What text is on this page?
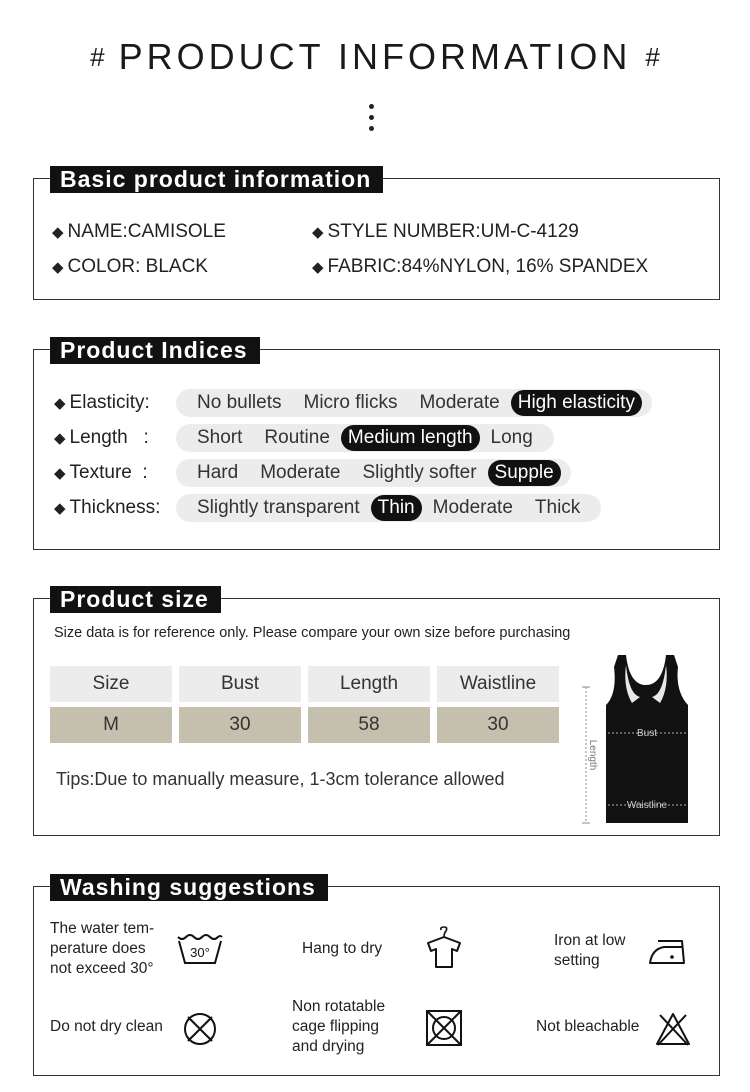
# PRODUCT INFORMATION #
Basic product information
◆ NAME:CAMISOLE	◆ STYLE NUMBER:UM-C-4129
◆ COLOR: BLACK	◆ FABRIC:84%NYLON, 16% SPANDEX
Product Indices
◆ Elasticity:	No bullets	Micro flicks	Moderate High elasticity
◆ Length   :	Short	Routine Medium length Long
◆ Texture  :	Hard	Moderate	Slightly softer Supple
◆ Thickness:	Slightly transparent Thin Moderate	Thick
Product size
Size data is for reference only. Please compare your own size before purchasing
Size	Bust	Length	Waistline
M	30	58	30
Tips:Due to manually measure, 1-3cm tolerance allowed
Bust
Waistline
Length
Washing suggestions
The water tem-
perature does
not exceed 30°
30°	Hang to dry	Iron at low
setting
Do not dry clean
Non rotatable
cage flipping
and drying
Not bleachable
